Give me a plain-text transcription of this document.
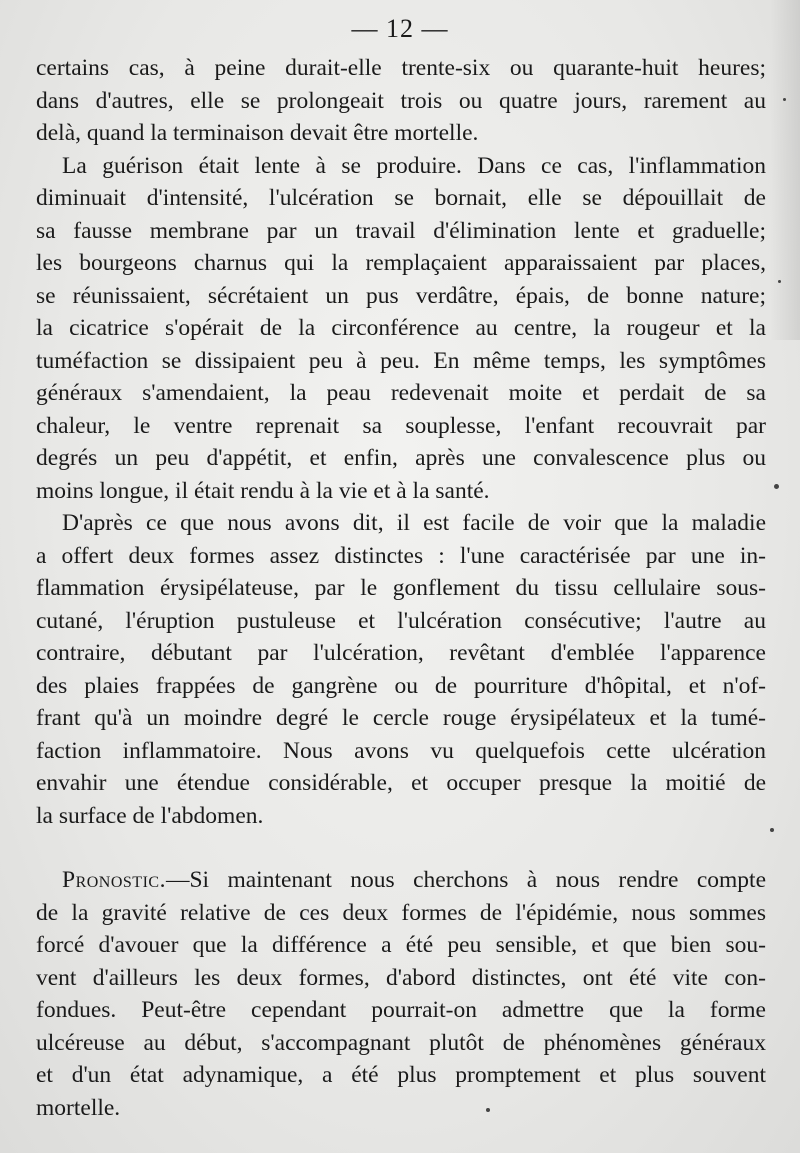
— 12 —
certains cas, à peine durait-elle trente-six ou quarante-huit heures;
dans d'autres, elle se prolongeait trois ou quatre jours, rarement au
delà, quand la terminaison devait être mortelle.
La guérison était lente à se produire. Dans ce cas, l'inflammation
diminuait d'intensité, l'ulcération se bornait, elle se dépouillait de
sa fausse membrane par un travail d'élimination lente et graduelle;
les bourgeons charnus qui la remplaçaient apparaissaient par places,
se réunissaient, sécrétaient un pus verdâtre, épais, de bonne nature;
la cicatrice s'opérait de la circonférence au centre, la rougeur et la
tuméfaction se dissipaient peu à peu. En même temps, les symptômes
généraux s'amendaient, la peau redevenait moite et perdait de sa
chaleur, le ventre reprenait sa souplesse, l'enfant recouvrait par
degrés un peu d'appétit, et enfin, après une convalescence plus ou
moins longue, il était rendu à la vie et à la santé.
D'après ce que nous avons dit, il est facile de voir que la maladie
a offert deux formes assez distinctes : l'une caractérisée par une in-
flammation érysipélateuse, par le gonflement du tissu cellulaire sous-
cutané, l'éruption pustuleuse et l'ulcération consécutive; l'autre au
contraire, débutant par l'ulcération, revêtant d'emblée l'apparence
des plaies frappées de gangrène ou de pourriture d'hôpital, et n'of-
frant qu'à un moindre degré le cercle rouge érysipélateux et la tumé-
faction inflammatoire. Nous avons vu quelquefois cette ulcération
envahir une étendue considérable, et occuper presque la moitié de
la surface de l'abdomen.
Pronostic.—Si maintenant nous cherchons à nous rendre compte
de la gravité relative de ces deux formes de l'épidémie, nous sommes
forcé d'avouer que la différence a été peu sensible, et que bien sou-
vent d'ailleurs les deux formes, d'abord distinctes, ont été vite con-
fondues. Peut-être cependant pourrait-on admettre que la forme
ulcéreuse au début, s'accompagnant plutôt de phénomènes généraux
et d'un état adynamique, a été plus promptement et plus souvent
mortelle.
